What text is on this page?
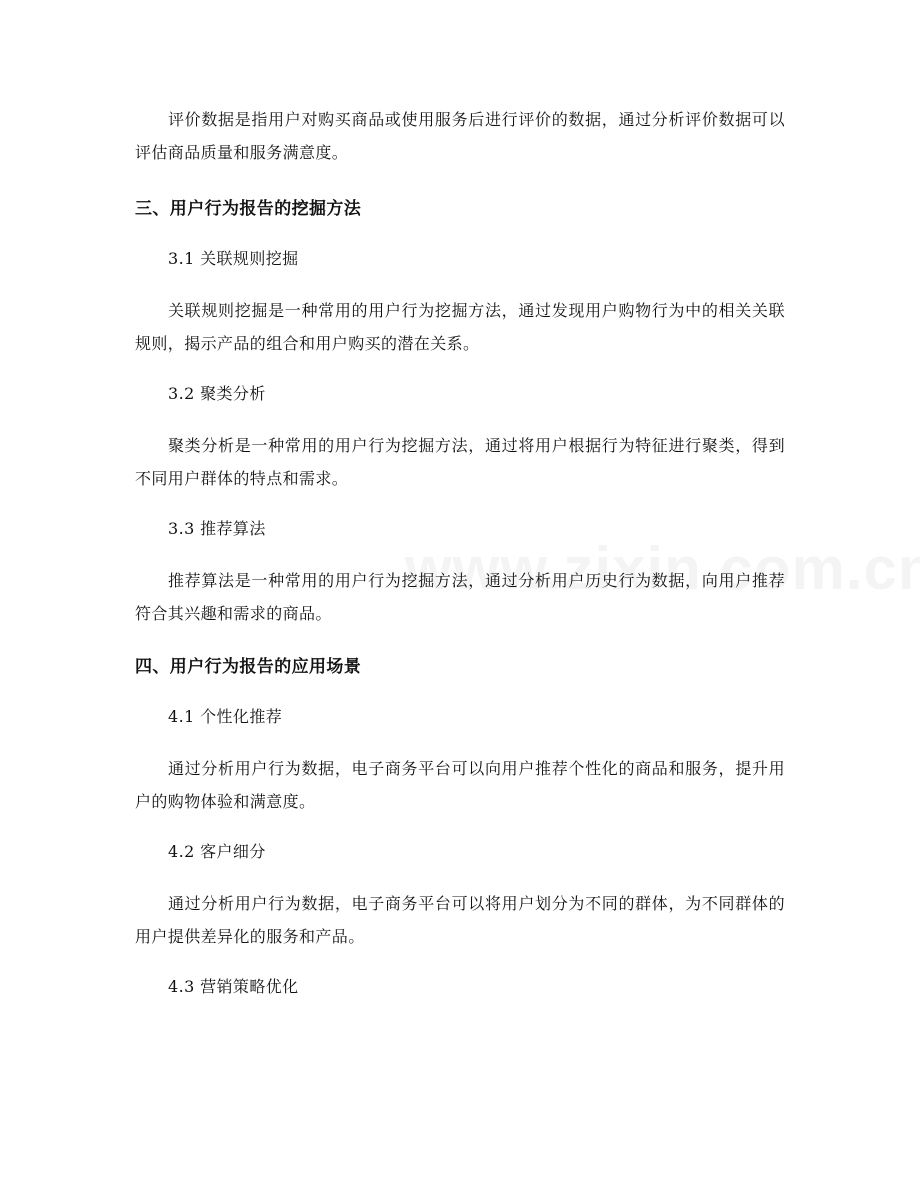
评价数据是指用户对购买商品或使用服务后进行评价的数据，通过分析评价数据可以评估商品质量和服务满意度。

三、用户行为报告的挖掘方法
3.1 关联规则挖掘

关联规则挖掘是一种常用的用户行为挖掘方法，通过发现用户购物行为中的相关关联规则，揭示产品的组合和用户购买的潜在关系。

3.2 聚类分析

聚类分析是一种常用的用户行为挖掘方法，通过将用户根据行为特征进行聚类，得到不同用户群体的特点和需求。

3.3 推荐算法

推荐算法是一种常用的用户行为挖掘方法，通过分析用户历史行为数据，向用户推荐符合其兴趣和需求的商品。

四、用户行为报告的应用场景
4.1 个性化推荐

通过分析用户行为数据，电子商务平台可以向用户推荐个性化的商品和服务，提升用户的购物体验和满意度。

4.2 客户细分

通过分析用户行为数据，电子商务平台可以将用户划分为不同的群体，为不同群体的用户提供差异化的服务和产品。

4.3 营销策略优化
